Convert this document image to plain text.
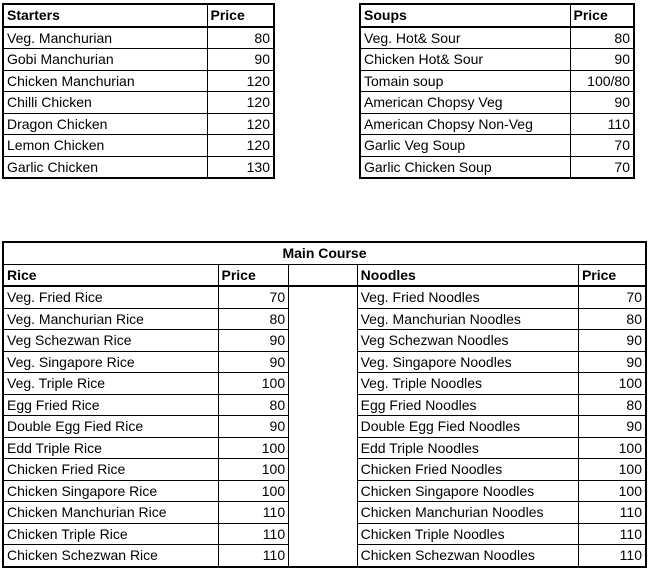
Starters	Price
Veg. Manchurian	80
Gobi Manchurian	90
Chicken Manchurian	120
Chilli Chicken	120
Dragon Chicken	120
Lemon Chicken	120
Garlic Chicken	130
Soups	Price
Veg. Hot& Sour	80
Chicken Hot& Sour	90
Tomain soup	100/80
American Chopsy Veg	90
American Chopsy Non-Veg	110
Garlic Veg Soup	70
Garlic Chicken Soup	70
Main Course				
Rice	Price		Noodles	Price
Veg. Fried Rice	70		Veg. Fried Noodles	70
Veg. Manchurian Rice	80		Veg. Manchurian Noodles	80
Veg Schezwan Rice	90		Veg Schezwan Noodles	90
Veg. Singapore Rice	90		Veg. Singapore Noodles	90
Veg. Triple Rice	100		Veg. Triple Noodles	100
Egg Fried Rice	80		Egg Fried Noodles	80
Double Egg Fied Rice	90		Double Egg Fied Noodles	90
Edd Triple Rice	100		Edd Triple Noodles	100
Chicken Fried Rice	100		Chicken Fried Noodles	100
Chicken Singapore Rice	100		Chicken Singapore Noodles	100
Chicken Manchurian Rice	110		Chicken Manchurian Noodles	110
Chicken Triple Rice	110		Chicken Triple Noodles	110
Chicken Schezwan Rice	110		Chicken Schezwan Noodles	110
